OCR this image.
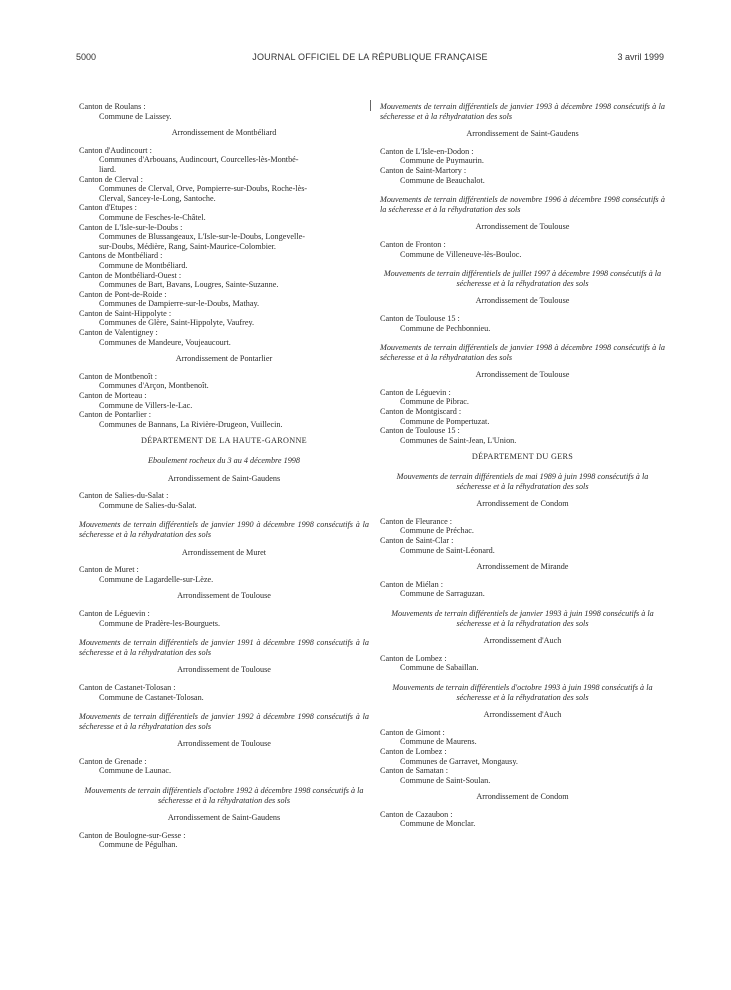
5000	JOURNAL OFFICIEL DE LA RÉPUBLIQUE FRANÇAISE	3 avril 1999
Canton de Roulans :
Commune de Laissey.
Arrondissement de Montbéliard
Canton d'Audincourt :
Communes d'Arbouans, Audincourt, Courcelles-lès-Montbé-
liard.
Canton de Clerval :
Communes de Clerval, Orve, Pompierre-sur-Doubs, Roche-lès-
Clerval, Sancey-le-Long, Santoche.
Canton d'Etupes :
Commune de Fesches-le-Châtel.
Canton de L'Isle-sur-le-Doubs :
Communes de Blussangeaux, L'Isle-sur-le-Doubs, Longevelle-
sur-Doubs, Médière, Rang, Saint-Maurice-Colombier.
Cantons de Montbéliard :
Commune de Montbéliard.
Canton de Montbéliard-Ouest :
Communes de Bart, Bavans, Lougres, Sainte-Suzanne.
Canton de Pont-de-Roide :
Communes de Dampierre-sur-le-Doubs, Mathay.
Canton de Saint-Hippolyte :
Communes de Glère, Saint-Hippolyte, Vaufrey.
Canton de Valentigney :
Communes de Mandeure, Voujeaucourt.
Arrondissement de Pontarlier
Canton de Montbenoît :
Communes d'Arçon, Montbenoît.
Canton de Morteau :
Commune de Villers-le-Lac.
Canton de Pontarlier :
Communes de Bannans, La Rivière-Drugeon, Vuillecin.
DÉPARTEMENT DE LA HAUTE-GARONNE
Eboulement rocheux du 3 au 4 décembre 1998
Arrondissement de Saint-Gaudens
Canton de Salies-du-Salat :
Commune de Salies-du-Salat.
Mouvements de terrain différentiels de janvier 1990 à décembre 1998 consécutifs à la sécheresse et à la réhydratation des sols
Arrondissement de Muret
Canton de Muret :
Commune de Lagardelle-sur-Lèze.
Arrondissement de Toulouse
Canton de Léguevin :
Commune de Pradère-les-Bourguets.
Mouvements de terrain différentiels de janvier 1991 à décembre 1998 consécutifs à la sécheresse et à la réhydratation des sols
Arrondissement de Toulouse
Canton de Castanet-Tolosan :
Commune de Castanet-Tolosan.
Mouvements de terrain différentiels de janvier 1992 à décembre 1998 consécutifs à la sécheresse et à la réhydratation des sols
Arrondissement de Toulouse
Canton de Grenade :
Commune de Launac.
Mouvements de terrain différentiels d'octobre 1992 à décembre 1998 consécutifs à la sécheresse et à la réhydratation des sols
Arrondissement de Saint-Gaudens
Canton de Boulogne-sur-Gesse :
Commune de Pégulhan.
Mouvements de terrain différentiels de janvier 1993 à décembre 1998 consécutifs à la sécheresse et à la réhydratation des sols
Arrondissement de Saint-Gaudens
Canton de L'Isle-en-Dodon :
Commune de Puymaurin.
Canton de Saint-Martory :
Commune de Beauchalot.
Mouvements de terrain différentiels de novembre 1996 à décembre 1998 consécutifs à la sécheresse et à la réhydratation des sols
Arrondissement de Toulouse
Canton de Fronton :
Commune de Villeneuve-lès-Bouloc.
Mouvements de terrain différentiels de juillet 1997 à décembre 1998 consécutifs à la sécheresse et à la réhydratation des sols
Arrondissement de Toulouse
Canton de Toulouse 15 :
Commune de Pechbonnieu.
Mouvements de terrain différentiels de janvier 1998 à décembre 1998 consécutifs à la sécheresse et à la réhydratation des sols
Arrondissement de Toulouse
Canton de Léguevin :
Commune de Pibrac.
Canton de Montgiscard :
Commune de Pompertuzat.
Canton de Toulouse 15 :
Communes de Saint-Jean, L'Union.
DÉPARTEMENT DU GERS
Mouvements de terrain différentiels de mai 1989 à juin 1998 consécutifs à la sécheresse et à la réhydratation des sols
Arrondissement de Condom
Canton de Fleurance :
Commune de Préchac.
Canton de Saint-Clar :
Commune de Saint-Léonard.
Arrondissement de Mirande
Canton de Miélan :
Commune de Sarraguzan.
Mouvements de terrain différentiels de janvier 1993 à juin 1998 consécutifs à la sécheresse et à la réhydratation des sols
Arrondissement d'Auch
Canton de Lombez :
Commune de Sabaillan.
Mouvements de terrain différentiels d'octobre 1993 à juin 1998 consécutifs à la sécheresse et à la réhydratation des sols
Arrondissement d'Auch
Canton de Gimont :
Commune de Maurens.
Canton de Lombez :
Communes de Garravet, Mongausy.
Canton de Samatan :
Commune de Saint-Soulan.
Arrondissement de Condom
Canton de Cazaubon :
Commune de Monclar.
